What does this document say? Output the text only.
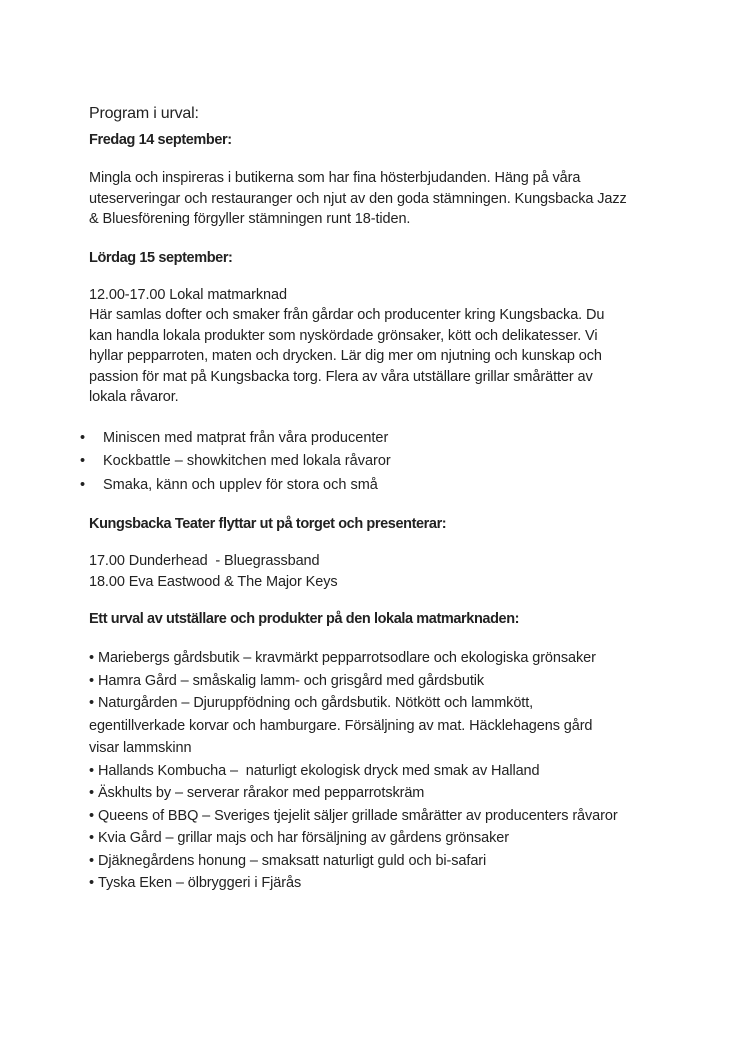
Program i urval:
Fredag 14 september:

Mingla och inspireras i butikerna som har fina hösterbjudanden. Häng på våra
uteserveringar och restauranger och njut av den goda stämningen. Kungsbacka Jazz
& Bluesförening förgyller stämningen runt 18-tiden.

Lördag 15 september:

12.00-17.00 Lokal matmarknad
Här samlas dofter och smaker från gårdar och producenter kring Kungsbacka. Du
kan handla lokala produkter som nyskördade grönsaker, kött och delikatesser. Vi
hyllar pepparroten, maten och drycken. Lär dig mer om njutning och kunskap och
passion för mat på Kungsbacka torg. Flera av våra utställare grillar smårätter av
lokala råvaror.

• Miniscen med matprat från våra producenter
• Kockbattle – showkitchen med lokala råvaror
• Smaka, känn och upplev för stora och små
Kungsbacka Teater flyttar ut på torget och presenterar:

17.00 Dunderhead  - Bluegrassband
18.00 Eva Eastwood & The Major Keys

Ett urval av utställare och produkter på den lokala matmarknaden:
• Mariebergs gårdsbutik – kravmärkt pepparrotsodlare och ekologiska grönsaker
• Hamra Gård – småskalig lamm- och grisgård med gårdsbutik
• Naturgården – Djuruppfödning och gårdsbutik. Nötkött och lammkött,
egentillverkade korvar och hamburgare. Försäljning av mat. Häcklehagens gård
visar lammskinn
• Hallands Kombucha –  naturligt ekologisk dryck med smak av Halland
• Äskhults by – serverar rårakor med pepparrotskräm
• Queens of BBQ – Sveriges tjejelit säljer grillade smårätter av producenters råvaror
• Kvia Gård – grillar majs och har försäljning av gårdens grönsaker
• Djäknegårdens honung – smaksatt naturligt guld och bi-safari
• Tyska Eken – ölbryggeri i Fjärås
